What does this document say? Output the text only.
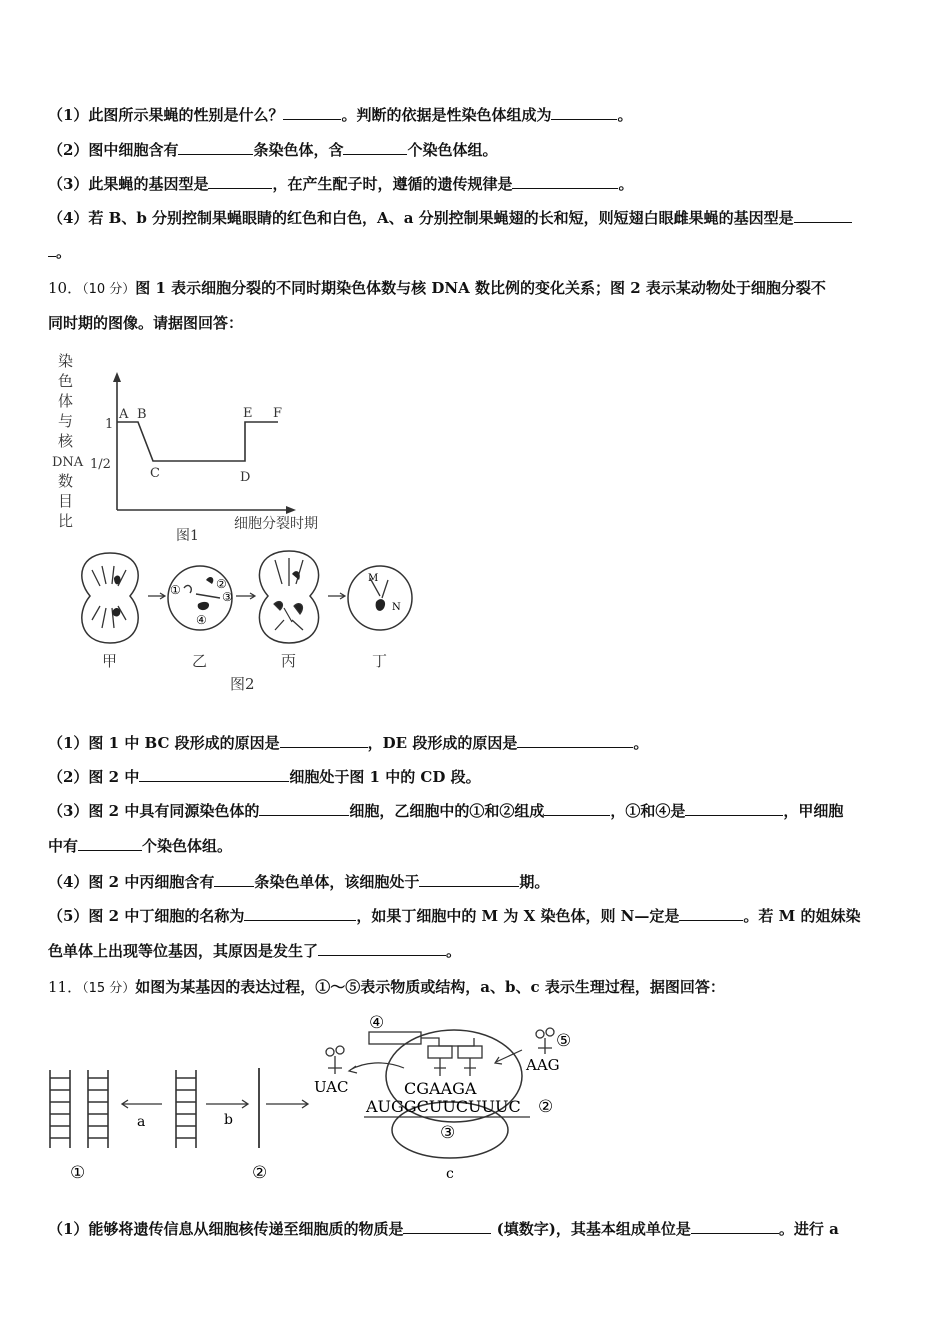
（1）此图所示果蝇的性别是什么？	。判断的依据是性染色体组成为	。
（2）图中细胞含有	条染色体，含	个染色体组。
（3）此果蝇的基因型是	，在产生配子时，遵循的遗传规律是	。
（4）若 B、b 分别控制果蝇眼睛的红色和白色，A、a 分别控制果蝇翅的长和短，则短翅白眼雌果蝇的基因型是
。
10．（10 分）图 1 表示细胞分裂的不同时期染色体数与核 DNA 数比例的变化关系；图 2 表示某动物处于细胞分裂不
同时期的图像。请据图回答：
染
色
体
与
核
DNA
数
目
比
1
1/2
A B
C	D
E F
细胞分裂时期
图1
①	②
③
④
M
N
甲	乙	丙	丁
图2
（1）图 1 中 BC 段形成的原因是	，DE 段形成的原因是	。
（2）图 2 中	细胞处于图 1 中的 CD 段。
（3）图 2 中具有同源染色体的	细胞，乙细胞中的①和②组成	，①和④是	，甲细胞
中有	个染色体组。
（4）图 2 中丙细胞含有	条染色单体，该细胞处于	期。
（5）图 2 中丁细胞的名称为	，如果丁细胞中的 M 为 X 染色体，则 N—定是	。若 M 的姐妹染
色单体上出现等位基因，其原因是发生了	。
11．（15 分）如图为某基因的表达过程，①～⑤表示物质或结构，a、b、c 表示生理过程，据图回答：
a	b
①	②
④
CGAAGA
AUGGCUUCUUUC ②
③
c
UAC
⑤
AAG
（1）能够将遗传信息从细胞核传递至细胞质的物质是	(填数字)，其基本组成单位是	。进行 a
